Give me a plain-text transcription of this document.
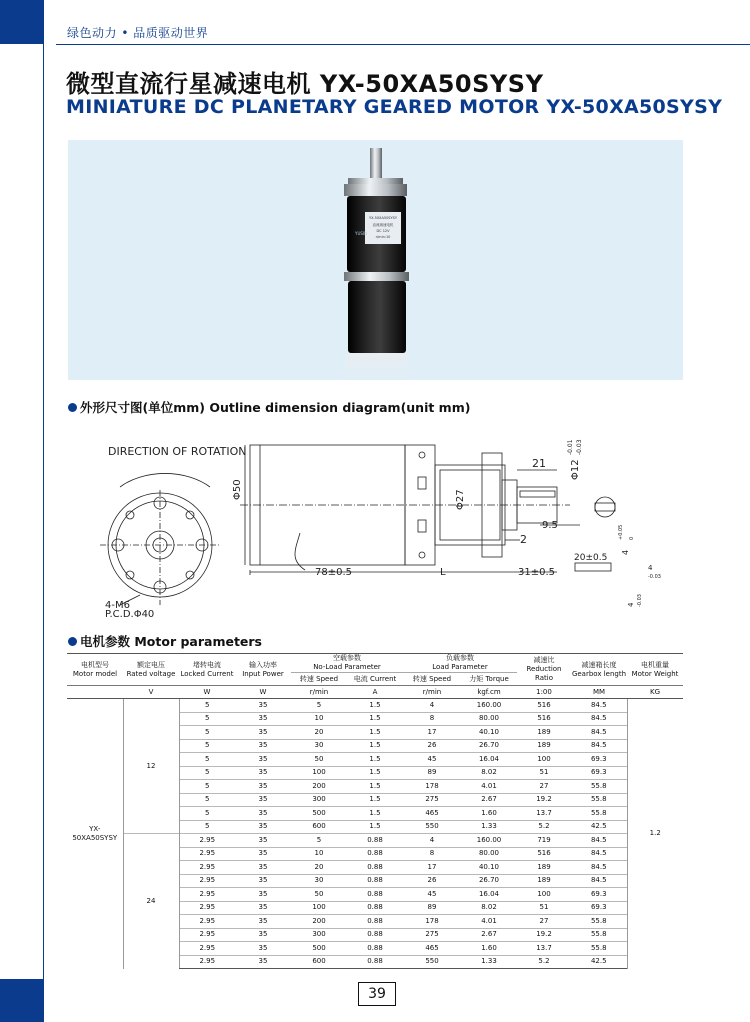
绿色动力 • 品质驱动世界
微型直流行星减速电机 YX-50XA50SYSY
MINIATURE DC PLANETARY GEARED MOTOR YX-50XA50SYSY
YX-50XA50SYSY
直流减速电机
DC 12V
r/min:10
YUSIN
外形尺寸图(单位mm) Outline dimension diagram(unit mm)
DIRECTION OF ROTATION
4-M6
P.C.D.Φ40
Φ50	Φ27
21 Φ12
-0.01 -0.03
9.5
2
78±0.5	L	31±0.5
20±0.5
4
+0.05 0
4
-0.03
4 -0.03
电机参数 Motor parameters
电机型号
Motor model	额定电压
Rated voltage	堵转电流
Locked Current	输入功率
Input Power	空载参数
No-Load Parameter		负载参数
Load Parameter		减速比
Reduction Ratio	减速箱长度
Gearbox length	电机重量
Motor Weight
				转速 Speed	电流 Current	转速 Speed	力矩 Torque			
	V	W	W	r/min	A	r/min	kgf.cm	1:00	MM	KG
YX-50XA50SYSY	12	5	35	5	1.5	4	160.00	516	84.5	1.2
		5	35	10	1.5	8	80.00	516	84.5	
		5	35	20	1.5	17	40.10	189	84.5	
		5	35	30	1.5	26	26.70	189	84.5	
		5	35	50	1.5	45	16.04	100	69.3	
		5	35	100	1.5	89	8.02	51	69.3	
		5	35	200	1.5	178	4.01	27	55.8	
		5	35	300	1.5	275	2.67	19.2	55.8	
		5	35	500	1.5	465	1.60	13.7	55.8	
		5	35	600	1.5	550	1.33	5.2	42.5	
	24	2.95	35	5	0.88	4	160.00	719	84.5	
		2.95	35	10	0.88	8	80.00	516	84.5	
		2.95	35	20	0.88	17	40.10	189	84.5	
		2.95	35	30	0.88	26	26.70	189	84.5	
		2.95	35	50	0.88	45	16.04	100	69.3	
		2.95	35	100	0.88	89	8.02	51	69.3	
		2.95	35	200	0.88	178	4.01	27	55.8	
		2.95	35	300	0.88	275	2.67	19.2	55.8	
		2.95	35	500	0.88	465	1.60	13.7	55.8	
		2.95	35	600	0.88	550	1.33	5.2	42.5	
39
